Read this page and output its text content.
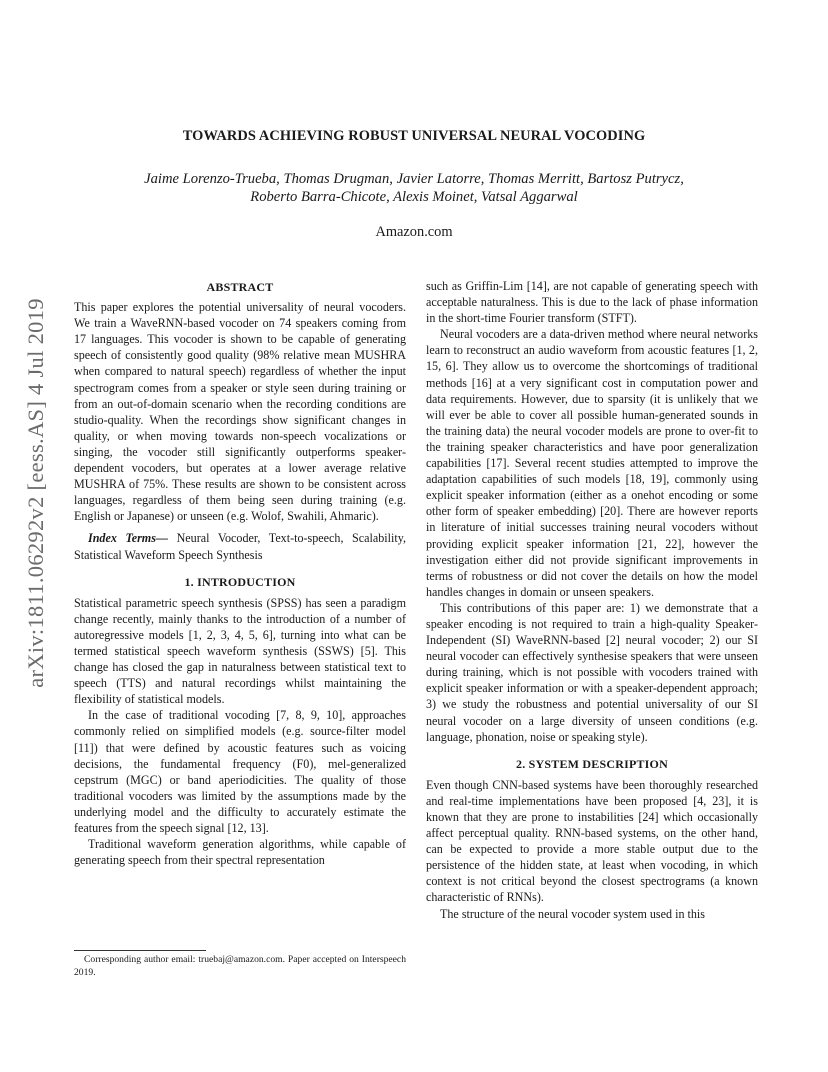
arXiv:1811.06292v2 [eess.AS] 4 Jul 2019
TOWARDS ACHIEVING ROBUST UNIVERSAL NEURAL VOCODING
Jaime Lorenzo-Trueba, Thomas Drugman, Javier Latorre, Thomas Merritt, Bartosz Putrycz,
Roberto Barra-Chicote, Alexis Moinet, Vatsal Aggarwal

Amazon.com

ABSTRACT

This paper explores the potential universality of neural vocoders. We train a WaveRNN-based vocoder on 74 speakers coming from 17 languages. This vocoder is shown to be capable of generating speech of consistently good quality (98% relative mean MUSHRA when compared to natural speech) regardless of whether the input spectrogram comes from a speaker or style seen during training or from an out-of-domain scenario when the recording conditions are studio-quality. When the recordings show significant changes in quality, or when moving towards non-speech vocalizations or singing, the vocoder still significantly outperforms speaker-dependent vocoders, but operates at a lower average relative MUSHRA of 75%. These results are shown to be consistent across languages, regardless of them being seen during training (e.g. English or Japanese) or unseen (e.g. Wolof, Swahili, Ahmaric).

Index Terms— Neural Vocoder, Text-to-speech, Scalability, Statistical Waveform Speech Synthesis

1. INTRODUCTION

Statistical parametric speech synthesis (SPSS) has seen a paradigm change recently, mainly thanks to the introduction of a number of autoregressive models [1, 2, 3, 4, 5, 6], turning into what can be termed statistical speech waveform synthesis (SSWS) [5]. This change has closed the gap in naturalness between statistical text to speech (TTS) and natural recordings whilst maintaining the flexibility of statistical models.

In the case of traditional vocoding [7, 8, 9, 10], approaches commonly relied on simplified models (e.g. source-filter model [11]) that were defined by acoustic features such as voicing decisions, the fundamental frequency (F0), mel-generalized cepstrum (MGC) or band aperiodicities. The quality of those traditional vocoders was limited by the assumptions made by the underlying model and the difficulty to accurately estimate the features from the speech signal [12, 13].

Traditional waveform generation algorithms, while capable of generating speech from their spectral representation

Corresponding author email: truebaj@amazon.com. Paper accepted on Interspeech 2019.

such as Griffin-Lim [14], are not capable of generating speech with acceptable naturalness. This is due to the lack of phase information in the short-time Fourier transform (STFT).

Neural vocoders are a data-driven method where neural networks learn to reconstruct an audio waveform from acoustic features [1, 2, 15, 6]. They allow us to overcome the shortcomings of traditional methods [16] at a very significant cost in computation power and data requirements. However, due to sparsity (it is unlikely that we will ever be able to cover all possible human-generated sounds in the training data) the neural vocoder models are prone to over-fit to the training speaker characteristics and have poor generalization capabilities [17]. Several recent studies attempted to improve the adaptation capabilities of such models [18, 19], commonly using explicit speaker information (either as a onehot encoding or some other form of speaker embedding) [20]. There are however reports in literature of initial successes training neural vocoders without providing explicit speaker information [21, 22], however the investigation either did not provide significant improvements in terms of robustness or did not cover the details on how the model handles changes in domain or unseen speakers.

This contributions of this paper are: 1) we demonstrate that a speaker encoding is not required to train a high-quality Speaker-Independent (SI) WaveRNN-based [2] neural vocoder; 2) our SI neural vocoder can effectively synthesise speakers that were unseen during training, which is not possible with vocoders trained with explicit speaker information or with a speaker-dependent approach; 3) we study the robustness and potential universality of our SI neural vocoder on a large diversity of unseen conditions (e.g. language, phonation, noise or speaking style).

2. SYSTEM DESCRIPTION

Even though CNN-based systems have been thoroughly researched and real-time implementations have been proposed [4, 23], it is known that they are prone to instabilities [24] which occasionally affect perceptual quality. RNN-based systems, on the other hand, can be expected to provide a more stable output due to the persistence of the hidden state, at least when vocoding, in which context is not critical beyond the closest spectrograms (a known characteristic of RNNs).

The structure of the neural vocoder system used in this
